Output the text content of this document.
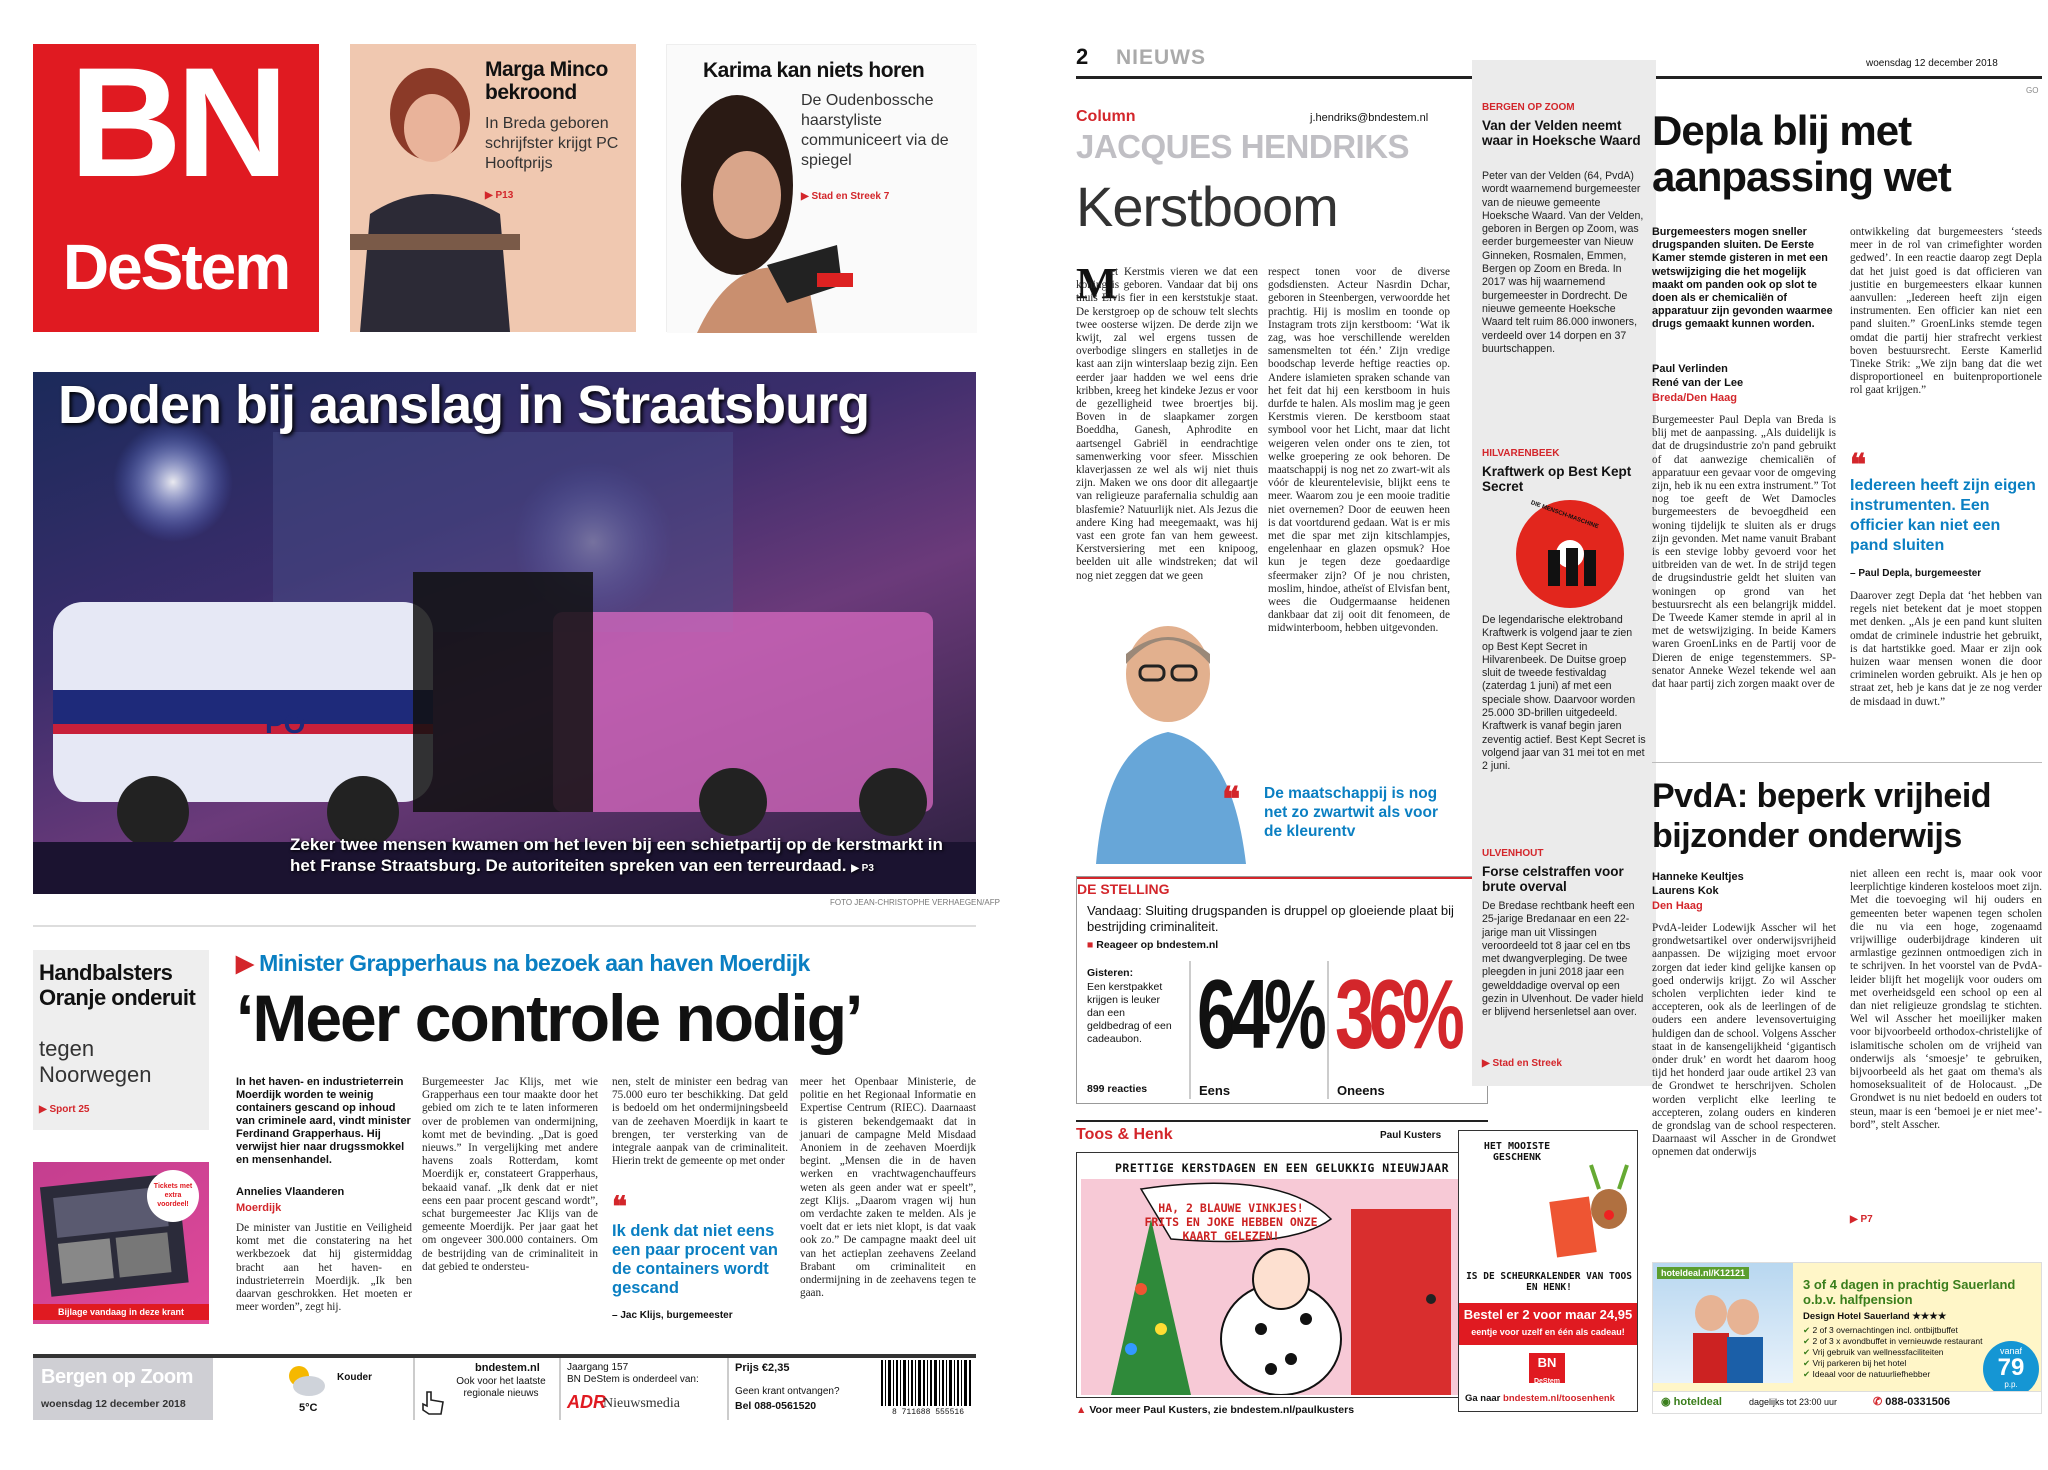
BN
DeStem
Marga Minco bekroond
In Breda geboren schrijfster krijgt PC Hooftprijs
▶ P13
Karima kan niets horen
De Oudenbossche haarstyliste communiceert via de spiegel
▶ Stad en Streek 7
PO
Doden bij aanslag in Straatsburg
Zeker twee mensen kwamen om het leven bij een schietpartij op de kerstmarkt in het Franse Straatsburg. De autoriteiten spreken van een terreurdaad. ▶ P3
FOTO JEAN-CHRISTOPHE VERHAEGEN/AFP
Handbalsters Oranje onderuit
tegen Noorwegen
▶ Sport 25
Tickets met extra voordeel!
Bijlage vandaag in deze krant
▶ Minister Grapperhaus na bezoek aan haven Moerdijk
‘Meer controle nodig’
In het haven- en industrieterrein Moerdijk worden te weinig containers gescand op inhoud van criminele aard, vindt minister Ferdinand Grapperhaus. Hij verwijst hier naar drugssmokkel en mensenhandel.
Annelies Vlaanderen
Moerdijk
De minister van Justitie en Veiligheid komt met die constatering na het werkbezoek dat hij gistermiddag bracht aan het haven- en industrieterrein Moerdijk. „Ik ben daarvan geschrokken. Het moeten er meer worden”, zegt hij.
Burgemeester Jac Klijs, met wie Grapperhaus een tour maakte door het gebied om zich te te laten informeren over de problemen van ondermijning, komt met de bevinding. „Dat is goed nieuws.” In vergelijking met andere havens zoals Rotterdam, komt Moerdijk er, constateert Grapperhaus, bekaaid vanaf. „Ik denk dat er niet eens een paar procent gescand wordt”, schat burgemeester Jac Klijs van de gemeente Moerdijk. Per jaar gaat het om ongeveer 300.000 containers. Om de bestrijding van de criminaliteit in dat gebied te ondersteu-
nen, stelt de minister een bedrag van 75.000 euro ter beschikking. Dat geld is bedoeld om het ondermijningsbeeld van de zeehaven Moerdijk in kaart te brengen, ter versterking van de integrale aanpak van de criminaliteit. Hierin trekt de gemeente op met onder
❝
Ik denk dat niet eens een paar procent van de containers wordt gescand
– Jac Klijs, burgemeester
meer het Openbaar Ministerie, de politie en het Regionaal Informatie en Expertise Centrum (RIEC). Daarnaast is gisteren bekendgemaakt dat in januari de campagne Meld Misdaad Anoniem in de zeehaven Moerdijk begint. „Mensen die in de haven werken en vrachtwagenchauffeurs weten als geen ander wat er speelt”, zegt Klijs. „Daarom vragen wij hun om verdachte zaken te melden. Als je voelt dat er iets niet klopt, is dat vaak ook zo.” De campagne maakt deel uit van het actieplan zeehavens Zeeland Brabant om criminaliteit en ondermijning in de zeehavens tegen te gaan.
Bergen op Zoom
woensdag 12 december 2018
Kouder
5°C
bndestem.nl
Ook voor het laatste regionale nieuws
Jaargang 157
BN DeStem is onderdeel van:
ADR
Nieuwsmedia
Prijs €2,35
Geen krant ontvangen?
Bel 088-0561520
8 711688 555516
2 NIEUWS	woensdag 12 december 2018
GO
Column	j.hendriks@bndestem.nl
JACQUES HENDRIKS
Kerstboom
M
et Kerstmis vieren we dat een koning is geboren. Vandaar dat bij ons thuis Elvis fier in een kerststukje staat. De kerstgroep op de schouw telt slechts twee oosterse wijzen. De derde zijn we kwijt, zal wel ergens tussen de overbodige slingers en stalletjes in de kast aan zijn winterslaap bezig zijn. Een eerder jaar hadden we wel eens drie kribben, kreeg het kindeke Jezus er voor de gezelligheid twee broertjes bij. Boven in de slaapkamer zorgen Boeddha, Ganesh, Aphrodite en aartsengel Gabriël in eendrachtige samenwerking voor sfeer. Misschien klaverjassen ze wel als wij niet thuis zijn. Maken we ons door dit allegaartje van religieuze parafernalia schuldig aan blasfemie? Natuurlijk niet. Als Jezus die andere King had meegemaakt, was hij vast een grote fan van hem geweest. Kerstversiering met een knipoog, beelden uit alle windstreken; dat wil nog niet zeggen dat we geen
❝ De maatschappij is nog net zo zwartwit als voor de kleurentv
respect tonen voor de diverse godsdiensten. Acteur Nasrdin Dchar, geboren in Steenbergen, verwoordde het prachtig. Hij is moslim en toonde op Instagram trots zijn kerstboom: ‘Wat ik zag, was hoe verschillende werelden samensmelten tot één.’ Zijn vredige boodschap leverde heftige reacties op. Andere islamieten spraken schande van het feit dat hij een kerstboom in huis durfde te halen. Als moslim mag je geen Kerstmis vieren. De kerstboom staat symbool voor het Licht, maar dat licht weigeren velen onder ons te zien, tot welke groepering ze ook behoren. De maatschappij is nog net zo zwart-wit als vóór de kleurentelevisie, blijkt eens te meer. Waarom zou je een mooie traditie niet overnemen? Door de eeuwen heen is dat voortdurend gedaan. Wat is er mis met die spar met zijn kitschlampjes, engelenhaar en glazen opsmuk? Hoe kun je tegen deze goedaardige sfeermaker zijn? Of je nou christen, moslim, hindoe, atheïst of Elvisfan bent, wees die Oudgermaanse heidenen dankbaar dat zij ooit dit fenomeen, de midwinterboom, hebben uitgevonden.
DE STELLING
Vandaag: Sluiting drugspanden is druppel op gloeiende plaat bij bestrijding criminaliteit.
■ Reageer op bndestem.nl
Gisteren:
Een kerstpakket krijgen is leuker dan een geldbedrag of een cadeaubon.
899 reacties
64%
Eens
36%
Oneens
BERGEN OP ZOOM
Van der Velden neemt waar in Hoeksche Waard
Peter van der Velden (64, PvdA) wordt waarnemend burgemeester van de nieuwe gemeente Hoeksche Waard. Van der Velden, geboren in Bergen op Zoom, was eerder burgemeester van Nieuw Ginneken, Rosmalen, Emmen, Bergen op Zoom en Breda. In 2017 was hij waarnemend burgemeester in Dordrecht. De nieuwe gemeente Hoeksche Waard telt ruim 86.000 inwoners, verdeeld over 14 dorpen en 37 buurtschappen.
HILVARENBEEK
Kraftwerk op Best Kept Secret
DIE MENSCH-MASCHINE
De legendarische elektroband Kraftwerk is volgend jaar te zien op Best Kept Secret in Hilvarenbeek. De Duitse groep sluit de tweede festivaldag (zaterdag 1 juni) af met een speciale show. Daarvoor worden 25.000 3D-brillen uitgedeeld. Kraftwerk is vanaf begin jaren zeventig actief. Best Kept Secret is volgend jaar van 31 mei tot en met 2 juni.
ULVENHOUT
Forse celstraffen voor brute overval
De Bredase rechtbank heeft een 25-jarige Bredanaar en een 22-jarige man uit Vlissingen veroordeeld tot 8 jaar cel en tbs met dwangverpleging. De twee pleegden in juni 2018 jaar een gewelddadige overval op een gezin in Ulvenhout. De vader hield er blijvend hersenletsel aan over.
▶ Stad en Streek
Depla blij met aanpassing wet
Burgemeesters mogen sneller drugspanden sluiten. De Eerste Kamer stemde gisteren in met een wetswijziging die het mogelijk maakt om panden ook op slot te doen als er chemicaliën of apparatuur zijn gevonden waarmee drugs gemaakt kunnen worden.
Paul Verlinden
René van der Lee
Breda/Den Haag
Burgemeester Paul Depla van Breda is blij met de aanpassing. „Als duidelijk is dat de drugsindustrie zo'n pand gebruikt of dat aanwezige chemicaliën of apparatuur een gevaar voor de omgeving zijn, heb ik nu een extra instrument.” Tot nog toe geeft de Wet Damocles burgemeesters de bevoegdheid een woning tijdelijk te sluiten als er drugs zijn gevonden. Met name vanuit Brabant is een stevige lobby gevoerd voor het uitbreiden van de wet. In de strijd tegen de drugsindustrie geldt het sluiten van woningen op grond van het bestuursrecht als een belangrijk middel. De Tweede Kamer stemde in april al in met de wetswijziging. In beide Kamers waren GroenLinks en de Partij voor de Dieren de enige tegenstemmers. SP-senator Anneke Wezel tekende wel aan dat haar partij zich zorgen maakt over de
ontwikkeling dat burgemeesters ‘steeds meer in de rol van crimefighter worden gedwed’. In een reactie daarop zegt Depla dat het juist goed is dat officieren van justitie en burgemeesters elkaar kunnen aanvullen: „Iedereen heeft zijn eigen instrumenten. Een officier kan niet een pand sluiten.” GroenLinks stemde tegen omdat die partij hier strafrecht verkiest boven bestuursrecht. Eerste Kamerlid Tineke Strik: „We zijn bang dat die wet disproportioneel en buitenproportionele rol gaat krijgen.”
❝
Iedereen heeft zijn eigen instrumenten. Een officier kan niet een pand sluiten
– Paul Depla, burgemeester
Daarover zegt Depla dat ‘het hebben van regels niet betekent dat je moet stoppen met denken. „Als je een pand kunt sluiten omdat de criminele industrie het gebruikt, is dat hartstikke goed. Maar er zijn ook huizen waar mensen wonen die door criminelen worden gebruikt. Als je hen op straat zet, heb je kans dat je ze nog verder de misdaad in duwt.”
PvdA: beperk vrijheid bijzonder onderwijs
Hanneke Keultjes
Laurens Kok
Den Haag
PvdA-leider Lodewijk Asscher wil het grondwetsartikel over onderwijsvrijheid aanpassen. De wijziging moet ervoor zorgen dat ieder kind gelijke kansen op goed onderwijs krijgt. Zo wil Asscher scholen verplichten ieder kind te accepteren, ook als de leerlingen of de ouders een andere levensovertuiging huldigen dan de school. Volgens Asscher staat in de kansengelijkheid ‘gigantisch onder druk’ en wordt het daarom hoog tijd het honderd jaar oude artikel 23 van de Grondwet te herschrijven. Scholen worden verplicht elke leerling te accepteren, zolang ouders en kinderen de grondslag van de school respecteren. Daarnaast wil Asscher in de Grondwet opnemen dat onderwijs
niet alleen een recht is, maar ook voor leerplichtige kinderen kosteloos moet zijn. Met die toevoeging wil hij ouders en gemeenten beter wapenen tegen scholen die nu via een hoge, zogenaamd vrijwillige ouderbijdrage kinderen uit armlastige gezinnen ontmoedigen zich in te schrijven. In het voorstel van de PvdA-leider blijft het mogelijk voor ouders om met overheidsgeld een school op een al dan niet religieuze grondslag te stichten. Wel wil Asscher het moeilijker maken voor bijvoorbeeld orthodox-christelijke of islamitische scholen om de vrijheid van onderwijs als ‘smoesje’ te gebruiken, bijvoorbeeld als het gaat om thema's als homoseksualiteit of de Holocaust. „De Grondwet is nu niet bedoeld en ouders tot steun, maar is een ‘bemoei je er niet mee’-bord”, stelt Asscher.
▶ P7
Toos & Henk	Paul Kusters
PRETTIGE KERSTDAGEN EN EEN GELUKKIG NIEUWJAAR
HA, 2 BLAUWE VINKJES! FRITS EN JOKE HEBBEN ONZE KAART GELEZEN!
▲ Voor meer Paul Kusters, zie bndestem.nl/paulkusters
HET MOOISTE GESCHENK
IS DE SCHEURKALENDER VAN TOOS EN HENK!
Bestel er 2 voor maar 24,95
eentje voor uzelf en één als cadeau!
BN
DeStem
Ga naar bndestem.nl/toosenhenk
hoteldeal.nl/K12121
3 of 4 dagen in prachtig Sauerland o.b.v. halfpension
Design Hotel Sauerland ★★★★
✔ 2 of 3 overnachtingen incl. ontbijtbuffet
✔ 2 of 3 x avondbuffet in vernieuwde restaurant
✔ Vrij gebruik van wellnessfaciliteiten
✔ Vrij parkeren bij het hotel
✔ Ideaal voor de natuurliefhebber
vanaf
79
p.p.
◉ hoteldeal	dagelijks tot 23:00 uur	✆ 088-0331506
